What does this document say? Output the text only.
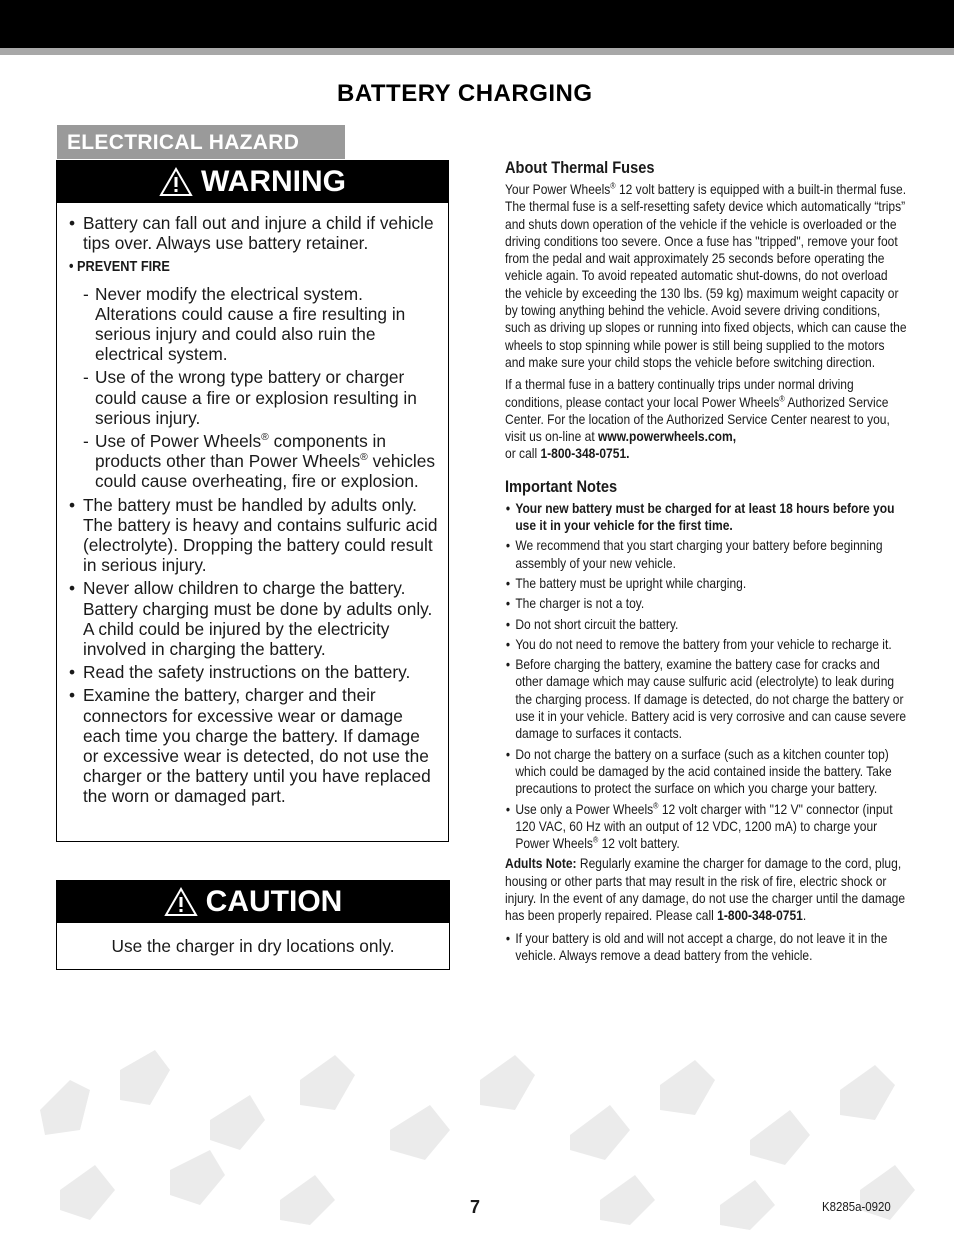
BATTERY CHARGING
ELECTRICAL HAZARD
WARNING
• Battery can fall out and injure a child if vehicle tips over. Always use battery retainer.
• PREVENT FIRE
- Never modify the electrical system. Alterations could cause a fire resulting in serious injury and could also ruin the electrical system.
- Use of the wrong type battery or charger could cause a fire or explosion resulting in serious injury.
- Use of Power Wheels® components in products other than Power Wheels® vehicles could cause overheating, fire or explosion.
• The battery must be handled by adults only. The battery is heavy and contains sulfuric acid (electrolyte). Dropping the battery could result in serious injury.
• Never allow children to charge the battery. Battery charging must be done by adults only. A child could be injured by the electricity involved in charging the battery.
• Read the safety instructions on the battery.
• Examine the battery, charger and their connectors for excessive wear or damage each time you charge the battery. If damage or excessive wear is detected, do not use the charger or the battery until you have replaced the worn or damaged part.
CAUTION
Use the charger in dry locations only.
About Thermal Fuses
Your Power Wheels® 12 volt battery is equipped with a built-in thermal fuse. The thermal fuse is a self-resetting safety device which automatically “trips” and shuts down operation of the vehicle if the vehicle is overloaded or the driving conditions too severe. Once a fuse has "tripped", remove your foot from the pedal and wait approximately 25 seconds before operating the vehicle again. To avoid repeated automatic shut-downs, do not overload the vehicle by exceeding the 130 lbs. (59 kg) maximum weight capacity or by towing anything behind the vehicle. Avoid severe driving conditions, such as driving up slopes or running into fixed objects, which can cause the wheels to stop spinning while power is still being supplied to the motors and make sure your child stops the vehicle before switching direction.
If a thermal fuse in a battery continually trips under normal driving conditions, please contact your local Power Wheels® Authorized Service Center. For the location of the Authorized Service Center nearest to you, visit us on-line at www.powerwheels.com,
or call 1-800-348-0751.
Important Notes
• Your new battery must be charged for at least 18 hours before you use it in your vehicle for the first time.
• We recommend that you start charging your battery before beginning assembly of your new vehicle.
• The battery must be upright while charging.
• The charger is not a toy.
• Do not short circuit the battery.
• You do not need to remove the battery from your vehicle to recharge it.
• Before charging the battery, examine the battery case for cracks and other damage which may cause sulfuric acid (electrolyte) to leak during the charging process. If damage is detected, do not charge the battery or use it in your vehicle. Battery acid is very corrosive and can cause severe damage to surfaces it contacts.
• Do not charge the battery on a surface (such as a kitchen counter top) which could be damaged by the acid contained inside the battery. Take precautions to protect the surface on which you charge your battery.
• Use only a Power Wheels® 12 volt charger with "12 V" connector (input 120 VAC, 60 Hz with an output of 12 VDC, 1200 mA) to charge your Power Wheels® 12 volt battery.
Adults Note: Regularly examine the charger for damage to the cord, plug, housing or other parts that may result in the risk of fire, electric shock or injury. In the event of any damage, do not use the charger until the damage has been properly repaired. Please call 1-800-348-0751.
• If your battery is old and will not accept a charge, do not leave it in the vehicle. Always remove a dead battery from the vehicle.
7	K8285a-0920
